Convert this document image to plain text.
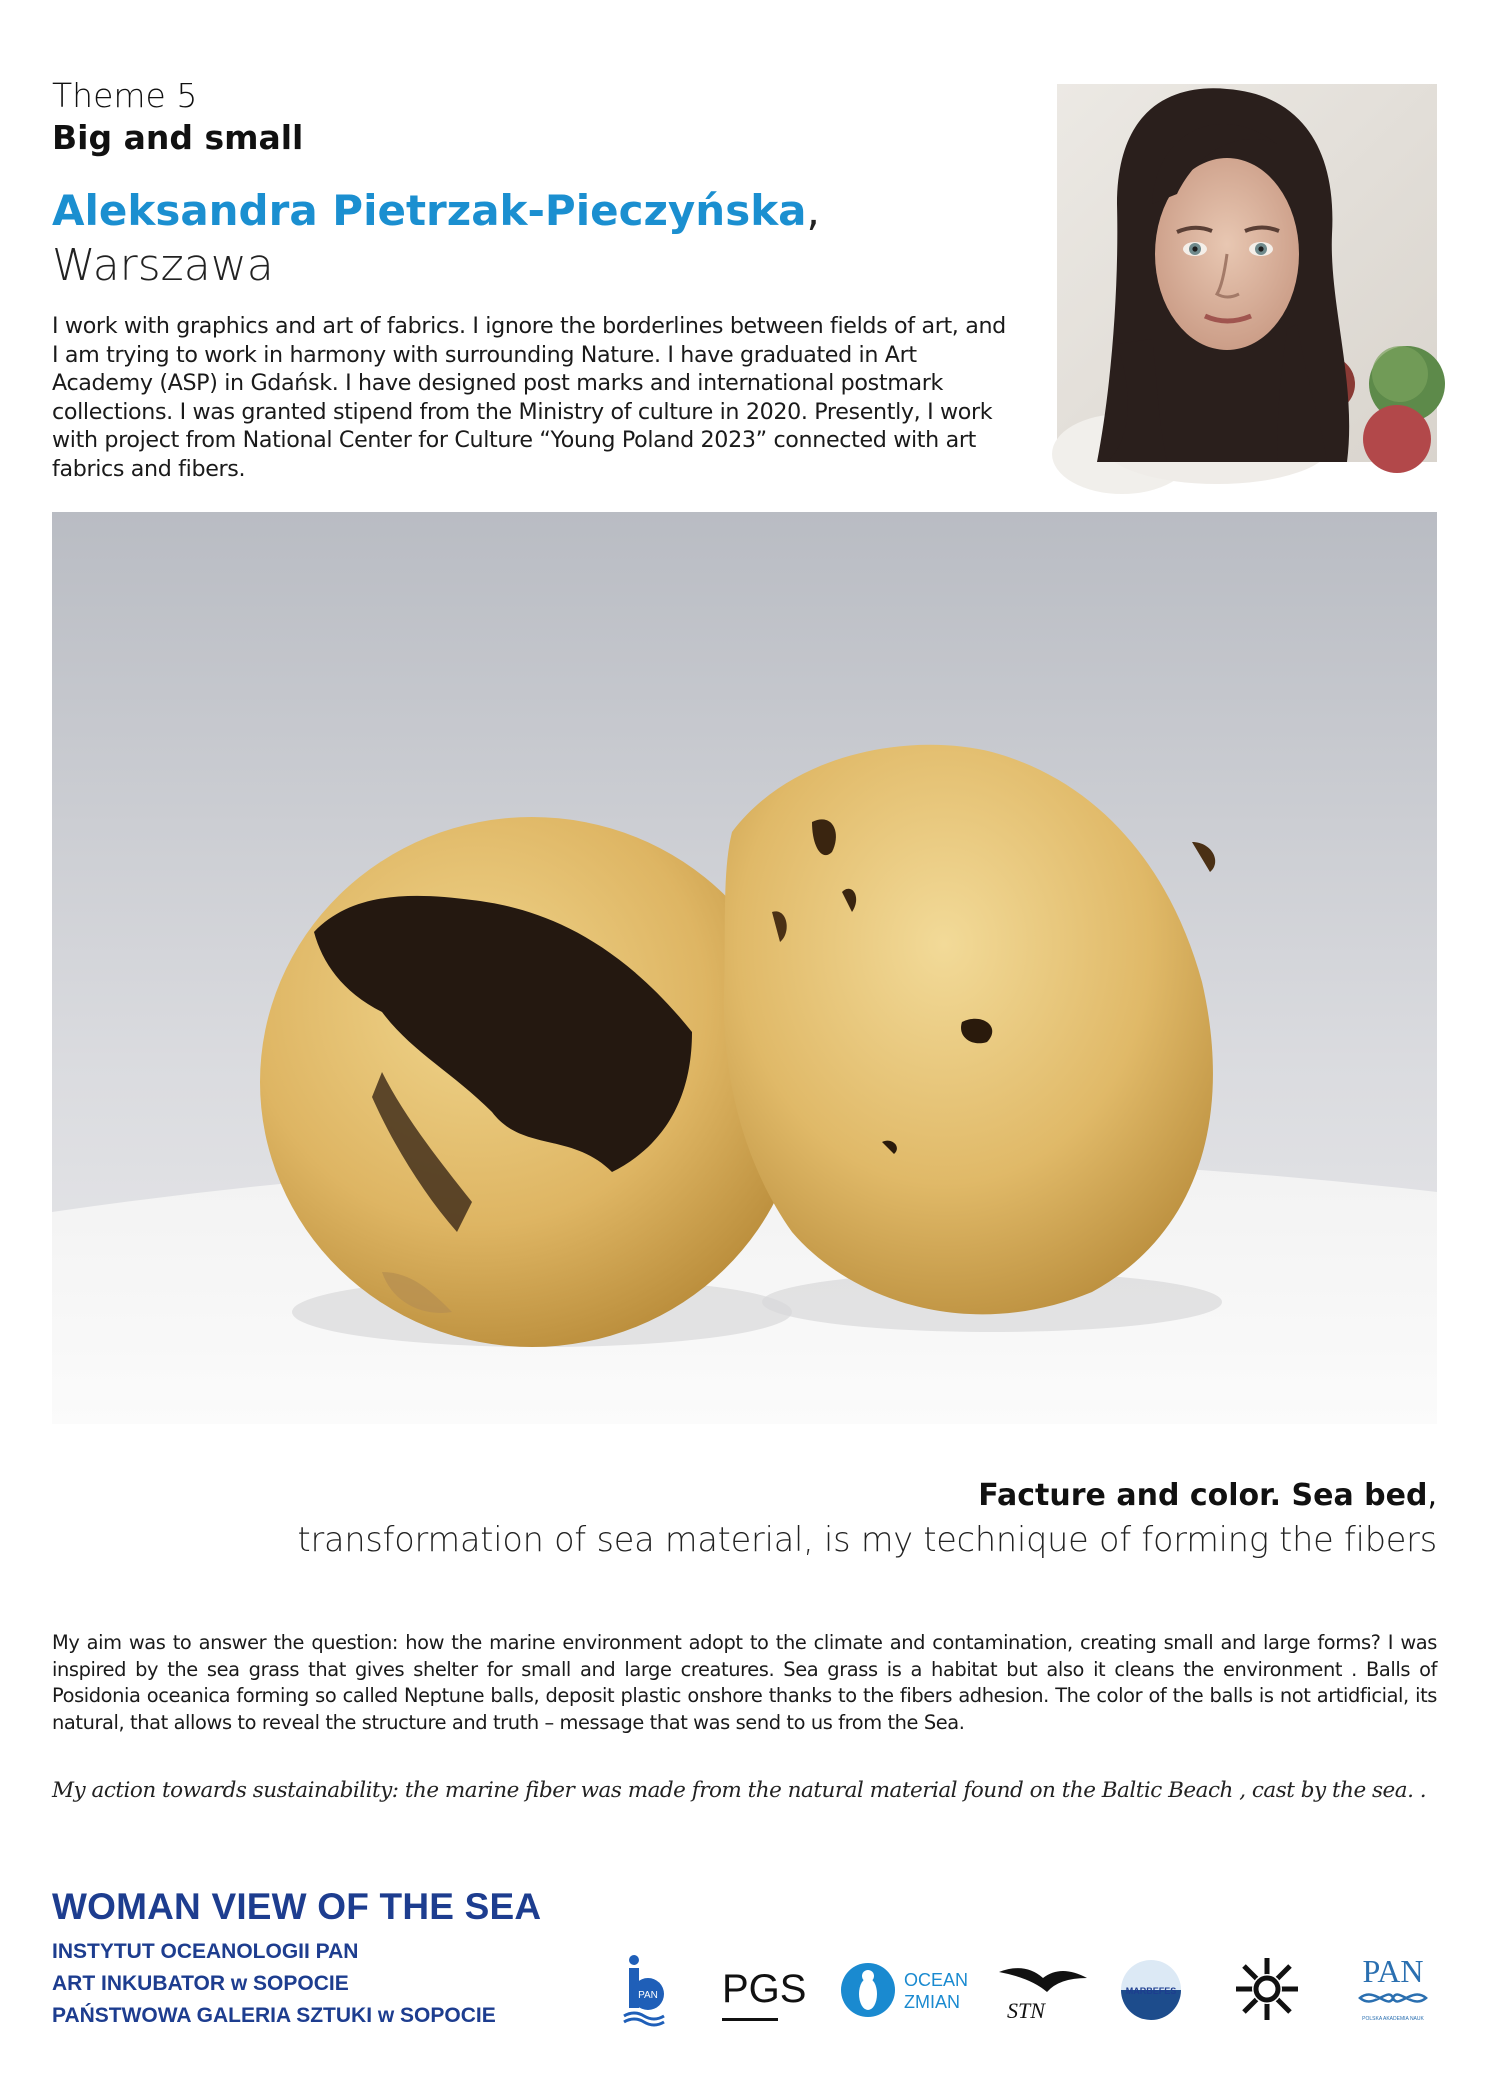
Theme 5
Big and small
Aleksandra Pietrzak-Pieczyńska,
Warszawa
I work with graphics and art of fabrics. I ignore the borderlines between fields of art, and I am trying to work in harmony with surrounding Nature. I have graduated in Art Academy (ASP) in Gdańsk. I have designed post marks and international postmark collections. I was granted stipend from the Ministry of culture in 2020. Presently, I work with project from National Center for Culture “Young Poland 2023” connected with art fabrics and fibers.
Facture and color. Sea bed,
transformation of sea material, is my technique of forming the fibers
My aim was to answer the question: how the marine environment adopt to the climate and contamination, creating small and large forms? I was inspired by the sea grass that gives shelter for small and large creatures. Sea grass is a habitat but also it cleans the environment . Balls of Posidonia oceanica forming so called Neptune balls, deposit plastic onshore thanks to the fibers adhesion. The color of the balls is not artidficial, its natural, that allows to reveal the structure and truth – message that was send to us from the Sea.
My action towards sustainability: the marine fiber was made from the natural material found on the Baltic Beach , cast by the sea. .
WOMAN VIEW OF THE SEA
INSTYTUT OCEANOLOGII PAN
ART INKUBATOR w SOPOCIE
PAŃSTWOWA GALERIA SZTUKI w SOPOCIE
PAN PGS	OCEAN
ZMIAN STN
MARBEFES
PAN
POLSKA AKADEMIA NAUK
